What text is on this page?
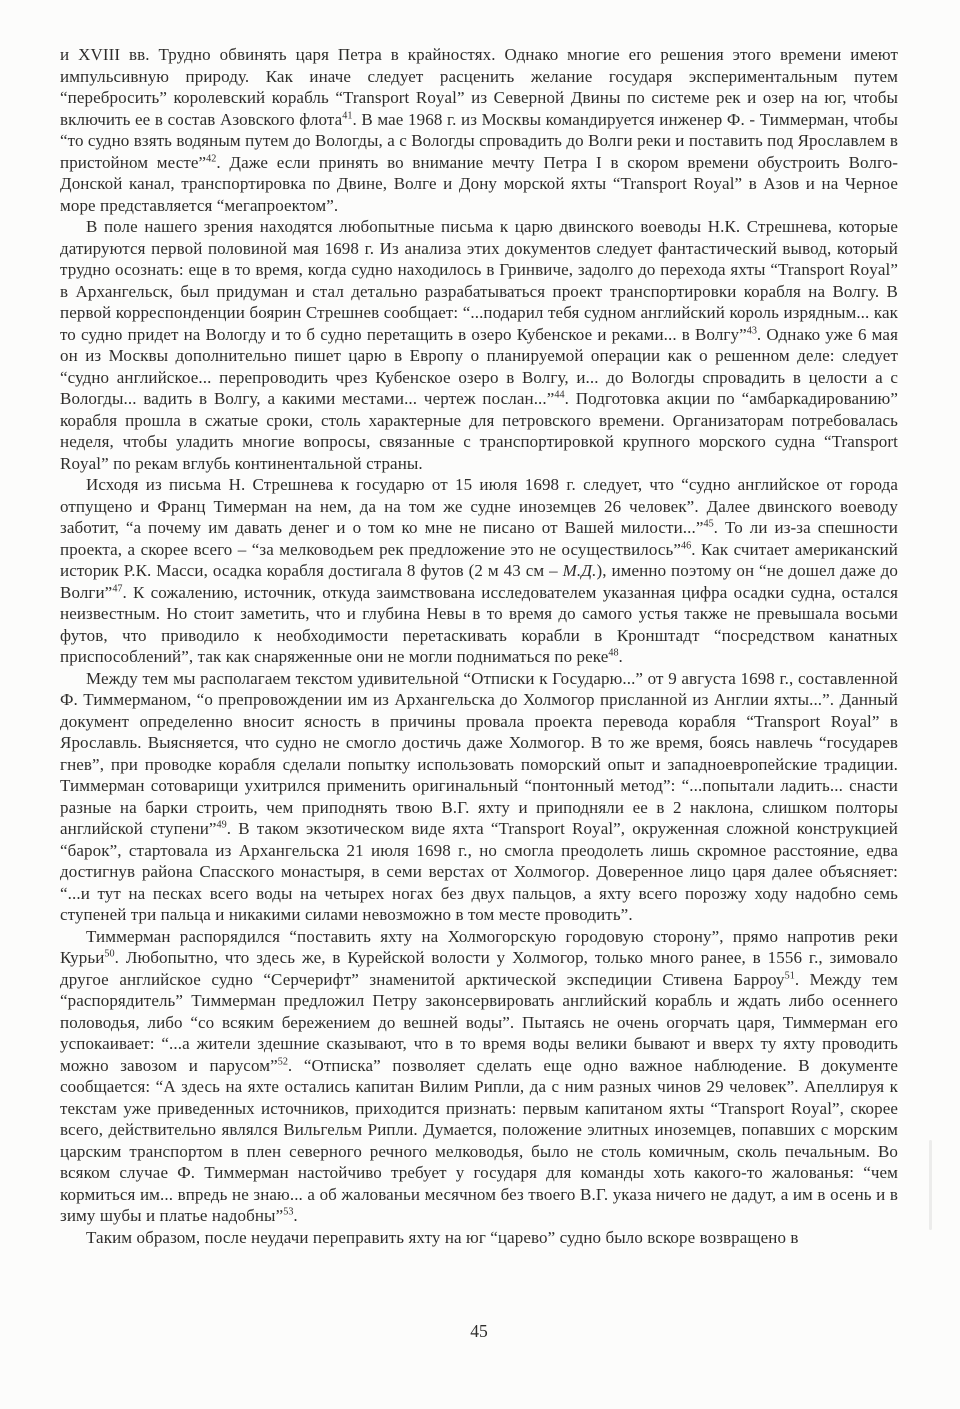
и XVIII вв. Трудно обвинять царя Петра в крайностях. Однако многие его решения этого времени имеют импульсивную природу. Как иначе следует расценить желание государя экспериментальным путем “перебросить” королевский корабль “Transport Royal” из Северной Двины по системе рек и озер на юг, чтобы включить ее в состав Азовского флота$^{41}$. В мае 1968 г. из Москвы командируется инженер Ф. - Тиммерман, чтобы “то судно взять водяным путем до Вологды, а с Вологды спровадить до Волги реки и поставить под Ярославлем в пристойном месте”$^{42}$. Даже если принять во внимание мечту Петра I в скором времени обустроить Волго-Донской канал, транспортировка по Двине, Волге и Дону морской яхты “Transport Royal” в Азов и на Черное море представляется “мегапроектом”.

В поле нашего зрения находятся любопытные письма к царю двинского воеводы Н.К. Стрешнева, которые датируются первой половиной мая 1698 г. Из анализа этих документов следует фантастический вывод, который трудно осознать: еще в то время, когда судно находилось в Гринвиче, задолго до перехода яхты “Transport Royal” в Архангельск, был придуман и стал детально разрабатываться проект транспортировки корабля на Волгу. В первой корреспонденции боярин Стрешнев сообщает: “...подарил тебя судном английский король изрядным... как то судно придет на Вологду и то б судно перетащить в озеро Кубенское и реками... в Волгу”$^{43}$. Однако уже 6 мая он из Москвы дополнительно пишет царю в Европу о планируемой операции как о решенном деле: следует “судно английское... перепроводить чрез Кубенское озеро в Волгу, и... до Вологды спровадить в целости а с Вологды... вадить в Волгу, а какими местами... чертеж послан...”$^{44}$. Подготовка акции по “амбаркадированию” корабля прошла в сжатые сроки, столь характерные для петровского времени. Организаторам потребовалась неделя, чтобы уладить многие вопросы, связанные с транспортировкой крупного морского судна “Transport Royal” по рекам вглубь континентальной страны.

Исходя из письма Н. Стрешнева к государю от 15 июля 1698 г. следует, что “судно английское от города отпущено и Франц Тимерман на нем, да на том же судне иноземцев 26 человек”. Далее двинского воеводу заботит, “а почему им давать денег и о том ко мне не писано от Вашей милости...”$^{45}$. То ли из-за спешности проекта, а скорее всего – “за мелководьем рек предложение это не осуществилось”$^{46}$. Как считает американский историк Р.К. Масси, осадка корабля достигала 8 футов (2 м 43 см – М.Д.), именно поэтому он “не дошел даже до Волги”$^{47}$. К сожалению, источник, откуда заимствована исследователем указанная цифра осадки судна, остался неизвестным. Но стоит заметить, что и глубина Невы в то время до самого устья также не превышала восьми футов, что приводило к необходимости перетаскивать корабли в Кронштадт “посредством канатных приспособлений”, так как снаряженные они не могли подниматься по реке$^{48}$.

Между тем мы располагаем текстом удивительной “Отписки к Государю...” от 9 августа 1698 г., составленной Ф. Тиммерманом, “о препровождении им из Архангельска до Холмогор присланной из Англии яхты...”. Данный документ определенно вносит ясность в причины провала проекта перевода корабля “Transport Royal” в Ярославль. Выясняется, что судно не смогло достичь даже Холмогор. В то же время, боясь навлечь “государев гнев”, при проводке корабля сделали попытку использовать поморский опыт и западноевропейские традиции. Тиммерман сотоварищи ухитрился применить оригинальный “понтонный метод”: “...попытали ладить... снасти разные на барки строить, чем приподнять твою В.Г. яхту и приподняли ее в 2 наклона, слишком полторы английской ступени”$^{49}$. В таком экзотическом виде яхта “Transport Royal”, окруженная сложной конструкцией “барок”, стартовала из Архангельска 21 июля 1698 г., но смогла преодолеть лишь скромное расстояние, едва достигнув района Спасского монастыря, в семи верстах от Холмогор. Доверенное лицо царя далее объясняет: “...и тут на песках всего воды на четырех ногах без двух пальцов, а яхту всего порозжу ходу надобно семь ступеней три пальца и никакими силами невозможно в том месте проводить”.

Тиммерман распорядился “поставить яхту на Холмогорскую городовую сторону”, прямо напротив реки Курьи$^{50}$. Любопытно, что здесь же, в Курейской волости у Холмогор, только много ранее, в 1556 г., зимовало другое английское судно “Серчерифт” знаменитой арктической экспедиции Стивена Барроу$^{51}$. Между тем “распорядитель” Тиммерман предложил Петру законсервировать английский корабль и ждать либо осеннего половодья, либо “со всяким бережением до вешней воды”. Пытаясь не очень огорчать царя, Тиммерман его успокаивает: “...а жители здешние сказывают, что в то время воды велики бывают и вверх ту яхту проводить можно завозом и парусом”$^{52}$. “Отписка” позволяет сделать еще одно важное наблюдение. В документе сообщается: “А здесь на яхте остались капитан Вилим Рипли, да с ним разных чинов 29 человек”. Апеллируя к текстам уже приведенных источников, приходится признать: первым капитаном яхты “Transport Royal”, скорее всего, действительно являлся Вильгельм Рипли. Думается, положение элитных иноземцев, попавших с морским царским транспортом в плен северного речного мелководья, было не столь комичным, сколь печальным. Во всяком случае Ф. Тиммерман настойчиво требует у государя для команды хоть какого-то жалованья: “чем кормиться им... впредь не знаю... а об жалованьи месячном без твоего В.Г. указа ничего не дадут, а им в осень и в зиму шубы и платье надобны”$^{53}$.

Таким образом, после неудачи переправить яхту на юг “царево” судно было вскоре возвращено в

45
